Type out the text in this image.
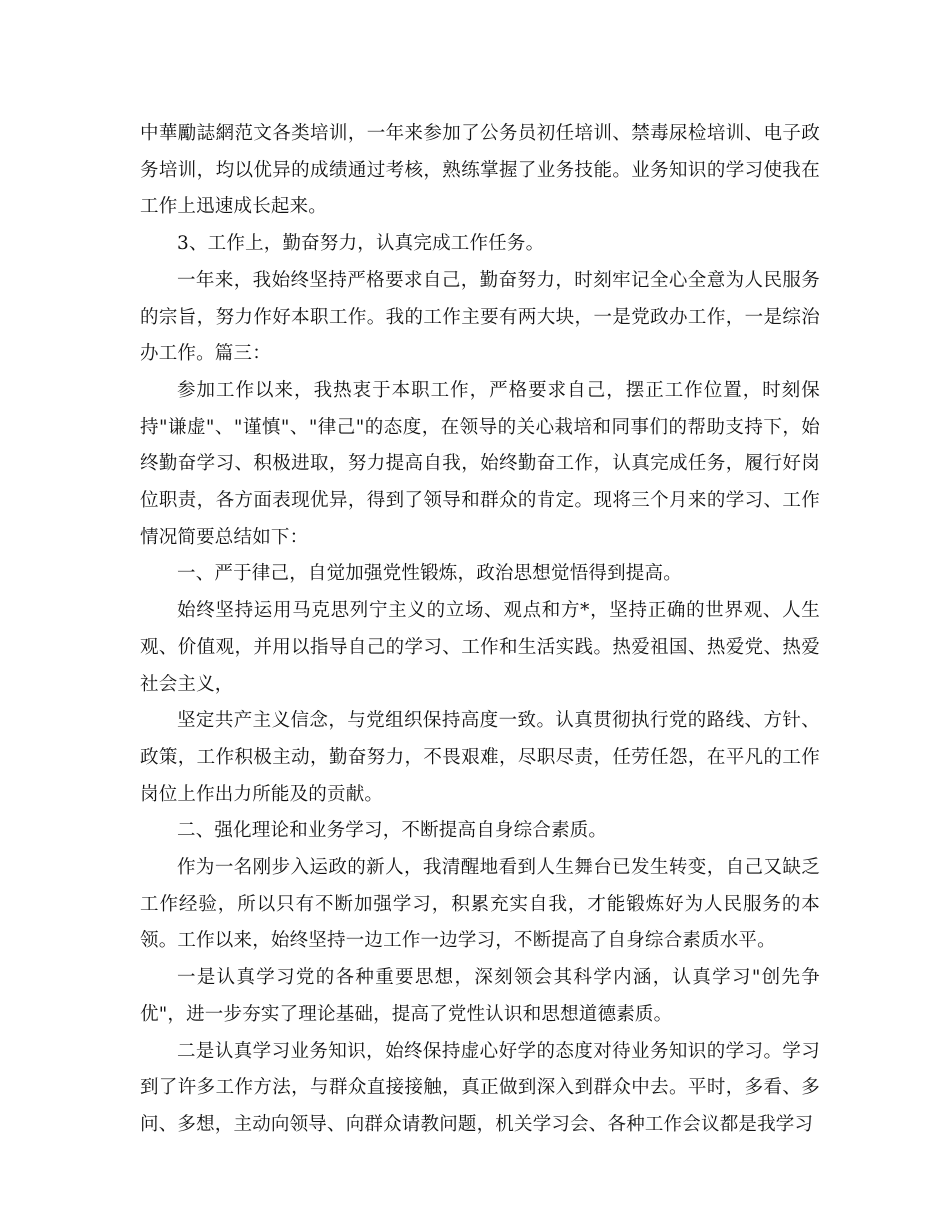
中華勵誌網范文各类培训，一年来参加了公务员初任培训、禁毒尿检培训、电子政务培训，均以优异的成绩通过考核，熟练掌握了业务技能。业务知识的学习使我在工作上迅速成长起来。

3、工作上，勤奋努力，认真完成工作任务。

一年来，我始终坚持严格要求自己，勤奋努力，时刻牢记全心全意为人民服务的宗旨，努力作好本职工作。我的工作主要有两大块，一是党政办工作，一是综治办工作。篇三：

参加工作以来，我热衷于本职工作，严格要求自己，摆正工作位置，时刻保持"谦虚"、"谨慎"、"律己"的态度，在领导的关心栽培和同事们的帮助支持下，始终勤奋学习、积极进取，努力提高自我，始终勤奋工作，认真完成任务，履行好岗位职责，各方面表现优异，得到了领导和群众的肯定。现将三个月来的学习、工作情况简要总结如下：

一、严于律己，自觉加强党性锻炼，政治思想觉悟得到提高。

始终坚持运用马克思列宁主义的立场、观点和方*，坚持正确的世界观、人生观、价值观，并用以指导自己的学习、工作和生活实践。热爱祖国、热爱党、热爱社会主义，

坚定共产主义信念，与党组织保持高度一致。认真贯彻执行党的路线、方针、政策，工作积极主动，勤奋努力，不畏艰难，尽职尽责，任劳任怨，在平凡的工作岗位上作出力所能及的贡献。

二、强化理论和业务学习，不断提高自身综合素质。

作为一名刚步入运政的新人，我清醒地看到人生舞台已发生转变，自己又缺乏工作经验，所以只有不断加强学习，积累充实自我，才能锻炼好为人民服务的本领。工作以来，始终坚持一边工作一边学习，不断提高了自身综合素质水平。

一是认真学习党的各种重要思想，深刻领会其科学内涵，认真学习"创先争优"，进一步夯实了理论基础，提高了党性认识和思想道德素质。

二是认真学习业务知识，始终保持虚心好学的态度对待业务知识的学习。学习到了许多工作方法，与群众直接接触，真正做到深入到群众中去。平时，多看、多问、多想，主动向领导、向群众请教问题，机关学习会、各种工作会议都是我学习
